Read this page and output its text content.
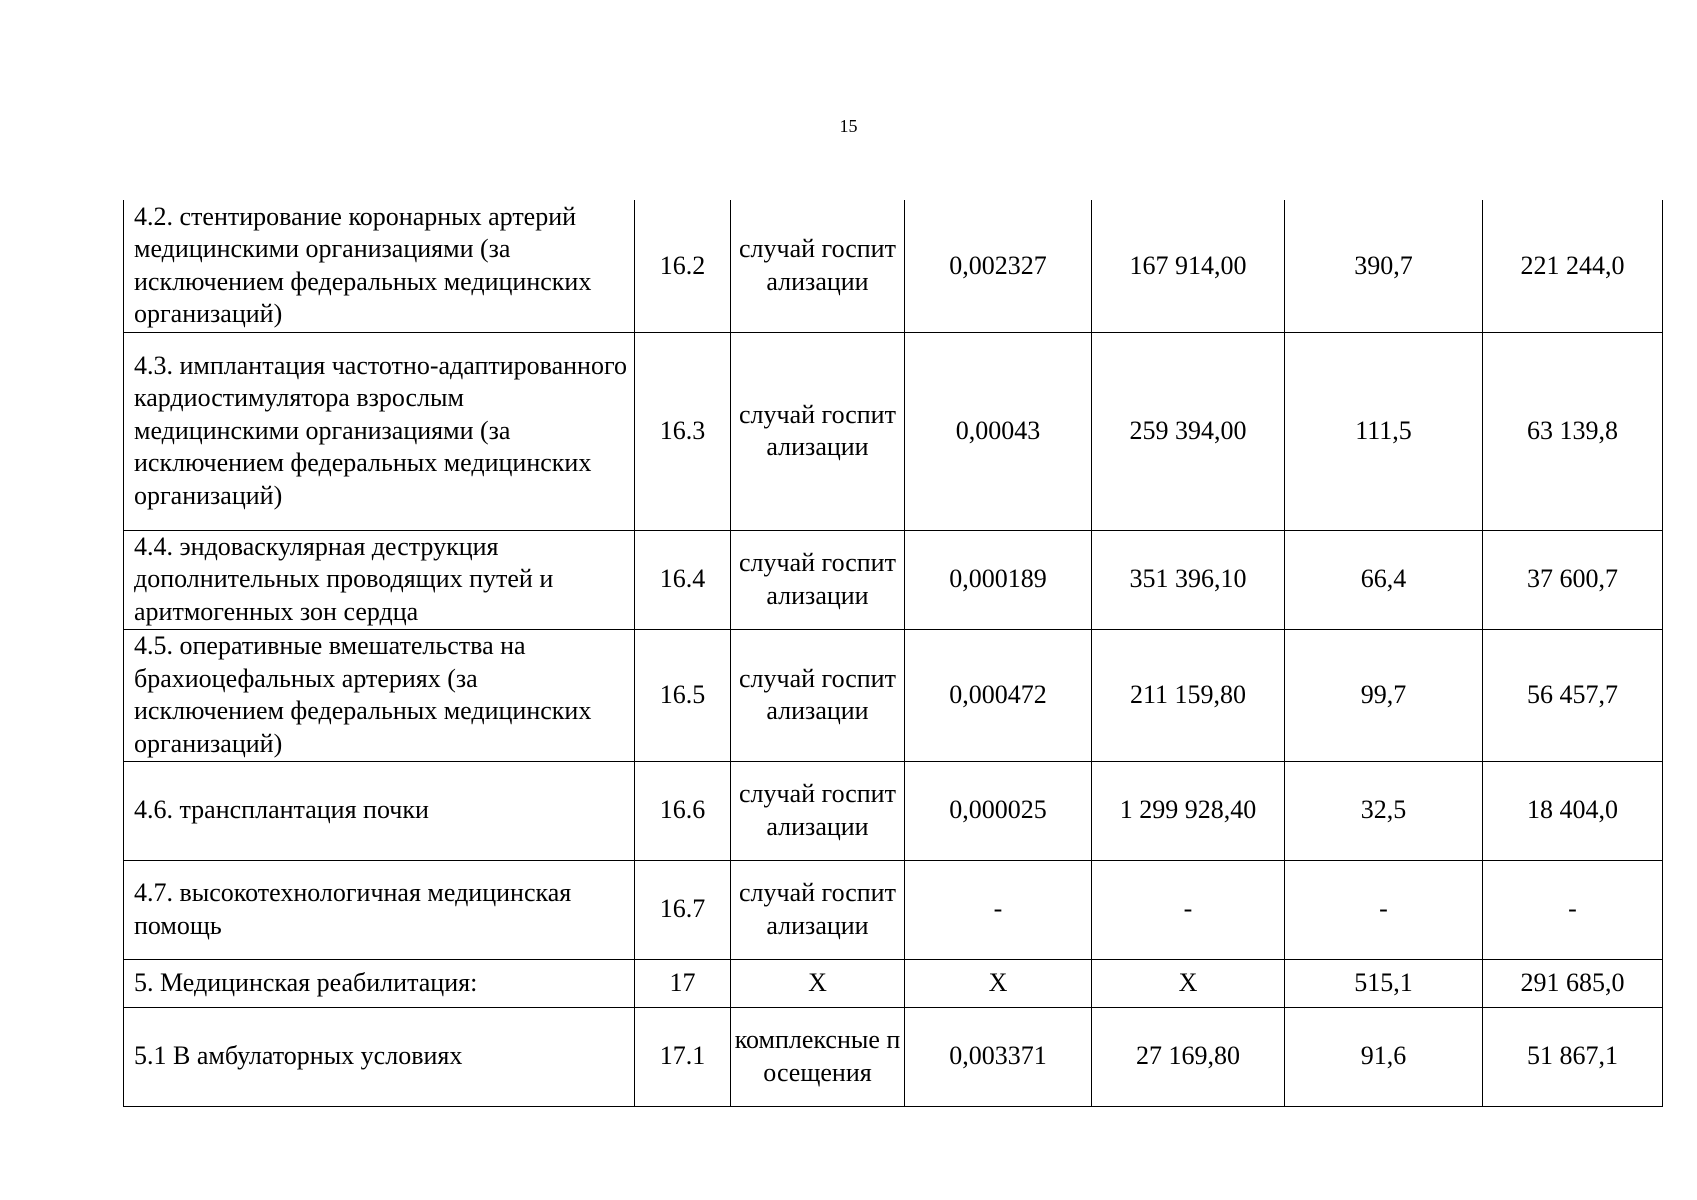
15
4.2. стентирование коронарных артерий медицинскими организациями (за исключением федеральных медицинских организаций)	16.2	случай госпитализации	0,002327	167 914,00	390,7	221 244,0
4.3. имплантация частотно-адаптированного кардиостимулятора взрослым медицинскими организациями (за исключением федеральных медицинских организаций)	16.3	случай госпитализации	0,00043	259 394,00	111,5	63 139,8
4.4. эндоваскулярная деструкция дополнительных проводящих путей и аритмогенных зон сердца	16.4	случай госпитализации	0,000189	351 396,10	66,4	37 600,7
4.5. оперативные вмешательства на брахиоцефальных артериях (за исключением федеральных медицинских организаций)	16.5	случай госпитализации	0,000472	211 159,80	99,7	56 457,7
4.6. трансплантация почки	16.6	случай госпитализации	0,000025	1 299 928,40	32,5	18 404,0
4.7. высокотехнологичная медицинская помощь	16.7	случай госпитализации	-	-	-	-
5. Медицинская реабилитация:	17	Х	Х	Х	515,1	291 685,0
5.1 В амбулаторных условиях	17.1	комплексные посещения	0,003371	27 169,80	91,6	51 867,1
